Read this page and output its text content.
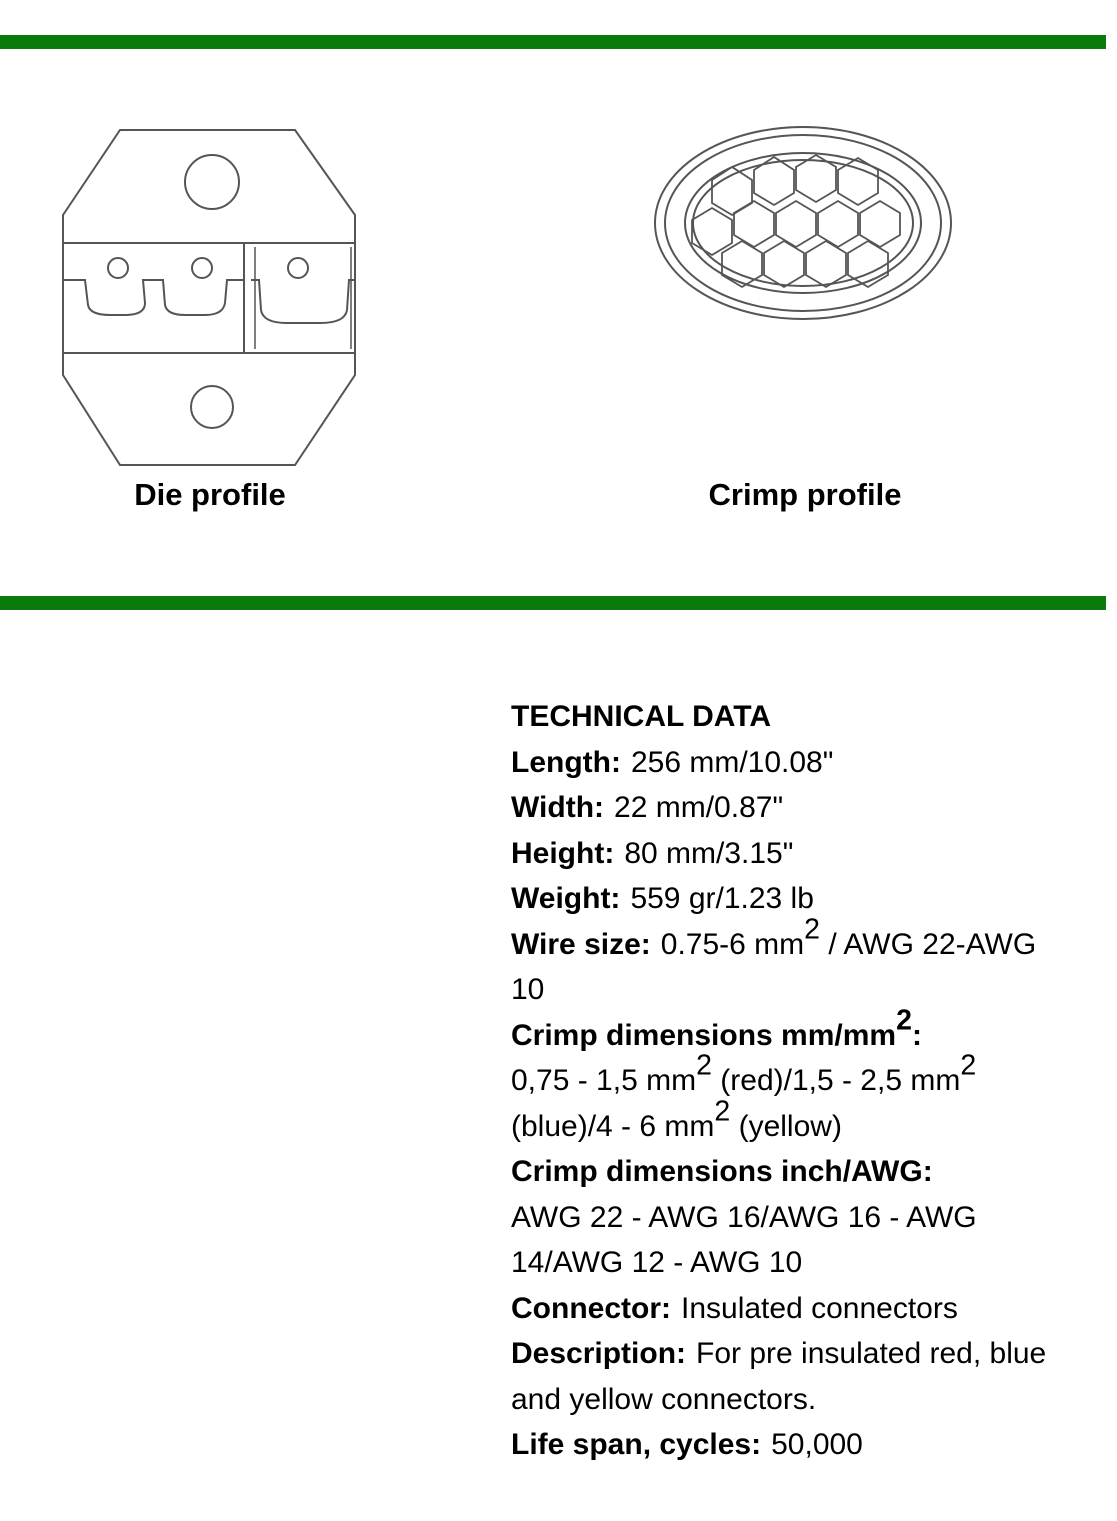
Die profile	Crimp profile
TECHNICAL DATA
Length: 256 mm/10.08"
Width: 22 mm/0.87"
Height: 80 mm/3.15"
Weight: 559 gr/1.23 lb
Wire size: 0.75-6 $mm^2$ / AWG 22-AWG 10
Crimp dimensions $mm/mm^2$:
0,75 - 1,5 $mm^2$ (red)/1,5 - 2,5 $mm^2$ (blue)/4 - 6 $mm^2$ (yellow)
Crimp dimensions inch/AWG:
AWG 22 - AWG 16/AWG 16 - AWG 14/AWG 12 - AWG 10
Connector: Insulated connectors
Description: For pre insulated red, blue and yellow connectors.
Life span, cycles: 50,000
